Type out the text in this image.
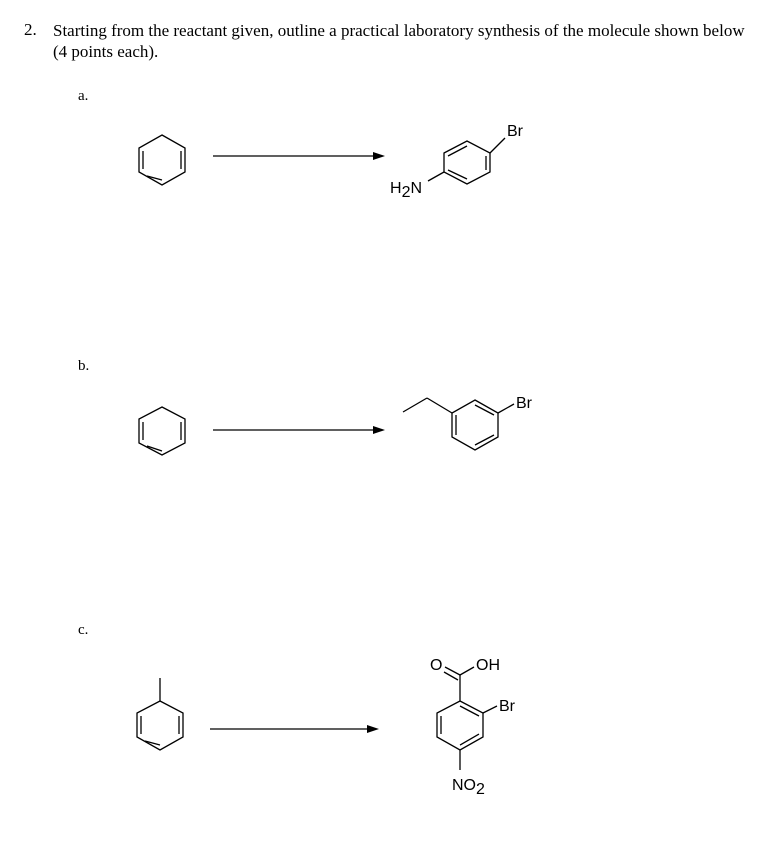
2. Starting from the reactant given, outline a practical laboratory synthesis of the molecule shown below (4 points each).
a.
Br
H2N
b.
Br
c.
O OH
Br
NO2
